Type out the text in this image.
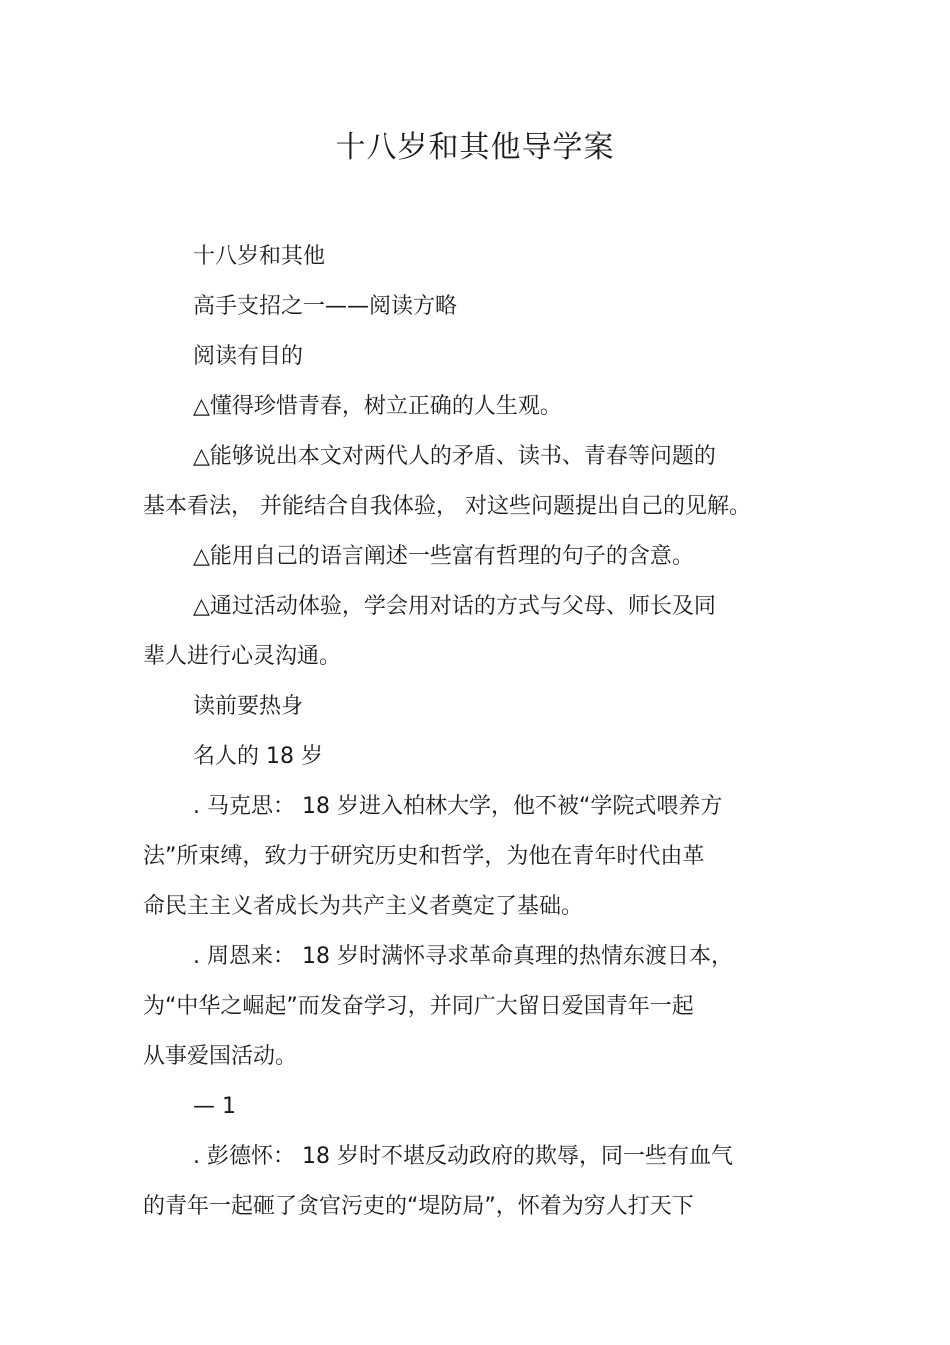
十八岁和其他导学案
十八岁和其他
高手支招之一——阅读方略
阅读有目的
△懂得珍惜青春，树立正确的人生观。
△能够说出本文对两代人的矛盾、读书、青春等问题的
基本看法， 并能结合自我体验， 对这些问题提出自己的见解。
△能用自己的语言阐述一些富有哲理的句子的含意。
△通过活动体验，学会用对话的方式与父母、师长及同
辈人进行心灵沟通。
读前要热身
名人的 18 岁
. 马克思： 18 岁进入柏林大学，他不被“学院式喂养方
法”所束缚，致力于研究历史和哲学，为他在青年时代由革
命民主主义者成长为共产主义者奠定了基础。
. 周恩来： 18 岁时满怀寻求革命真理的热情东渡日本，
为“中华之崛起”而发奋学习，并同广大留日爱国青年一起
从事爱国活动。
— 1
. 彭德怀： 18 岁时不堪反动政府的欺辱，同一些有血气
的青年一起砸了贪官污吏的“堤防局”，怀着为穷人打天下
